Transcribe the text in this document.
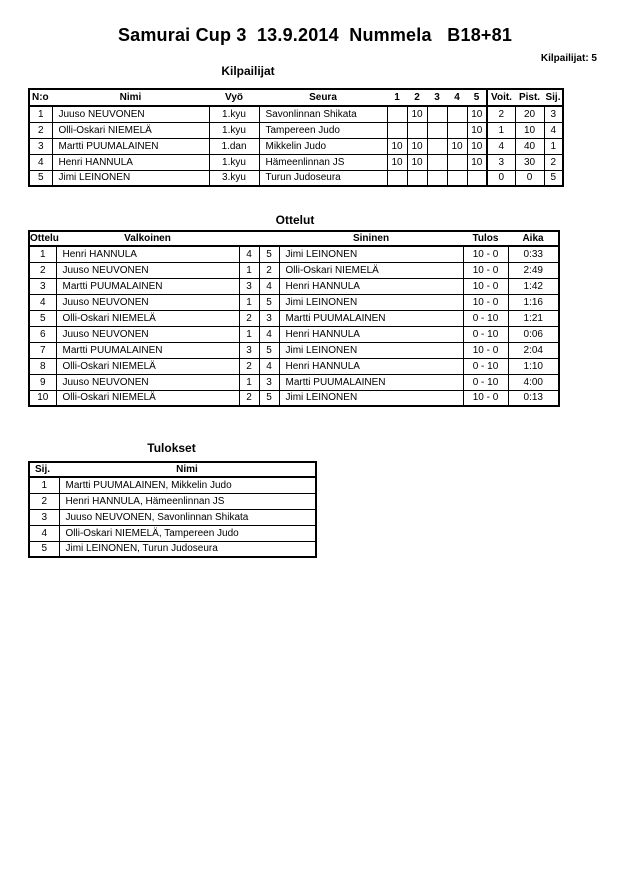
Samurai Cup 3  13.9.2014  Nummela   B18+81
Kilpailijat: 5
Kilpailijat
N:o	Nimi	Vyö	Seura	1	2	3	4	5	Voit.	Pist.	Sij.
1	Juuso NEUVONEN	1.kyu	Savonlinnan Shikata		10			10	2	20	3
2	Olli-Oskari NIEMELÄ	1.kyu	Tampereen Judo					10	1	10	4
3	Martti PUUMALAINEN	1.dan	Mikkelin Judo	10	10		10	10	4	40	1
4	Henri HANNULA	1.kyu	Hämeenlinnan JS	10	10			10	3	30	2
5	Jimi LEINONEN	3.kyu	Turun Judoseura						0	0	5
Ottelut
Ottelu	Valkoinen			Sininen	Tulos	Aika
1	Henri HANNULA	4	5	Jimi LEINONEN	10 - 0	0:33
2	Juuso NEUVONEN	1	2	Olli-Oskari NIEMELÄ	10 - 0	2:49
3	Martti PUUMALAINEN	3	4	Henri HANNULA	10 - 0	1:42
4	Juuso NEUVONEN	1	5	Jimi LEINONEN	10 - 0	1:16
5	Olli-Oskari NIEMELÄ	2	3	Martti PUUMALAINEN	0 - 10	1:21
6	Juuso NEUVONEN	1	4	Henri HANNULA	0 - 10	0:06
7	Martti PUUMALAINEN	3	5	Jimi LEINONEN	10 - 0	2:04
8	Olli-Oskari NIEMELÄ	2	4	Henri HANNULA	0 - 10	1:10
9	Juuso NEUVONEN	1	3	Martti PUUMALAINEN	0 - 10	4:00
10	Olli-Oskari NIEMELÄ	2	5	Jimi LEINONEN	10 - 0	0:13
Tulokset
Sij.	Nimi
1	Martti PUUMALAINEN, Mikkelin Judo
2	Henri HANNULA, Hämeenlinnan JS
3	Juuso NEUVONEN, Savonlinnan Shikata
4	Olli-Oskari NIEMELÄ, Tampereen Judo
5	Jimi LEINONEN, Turun Judoseura
